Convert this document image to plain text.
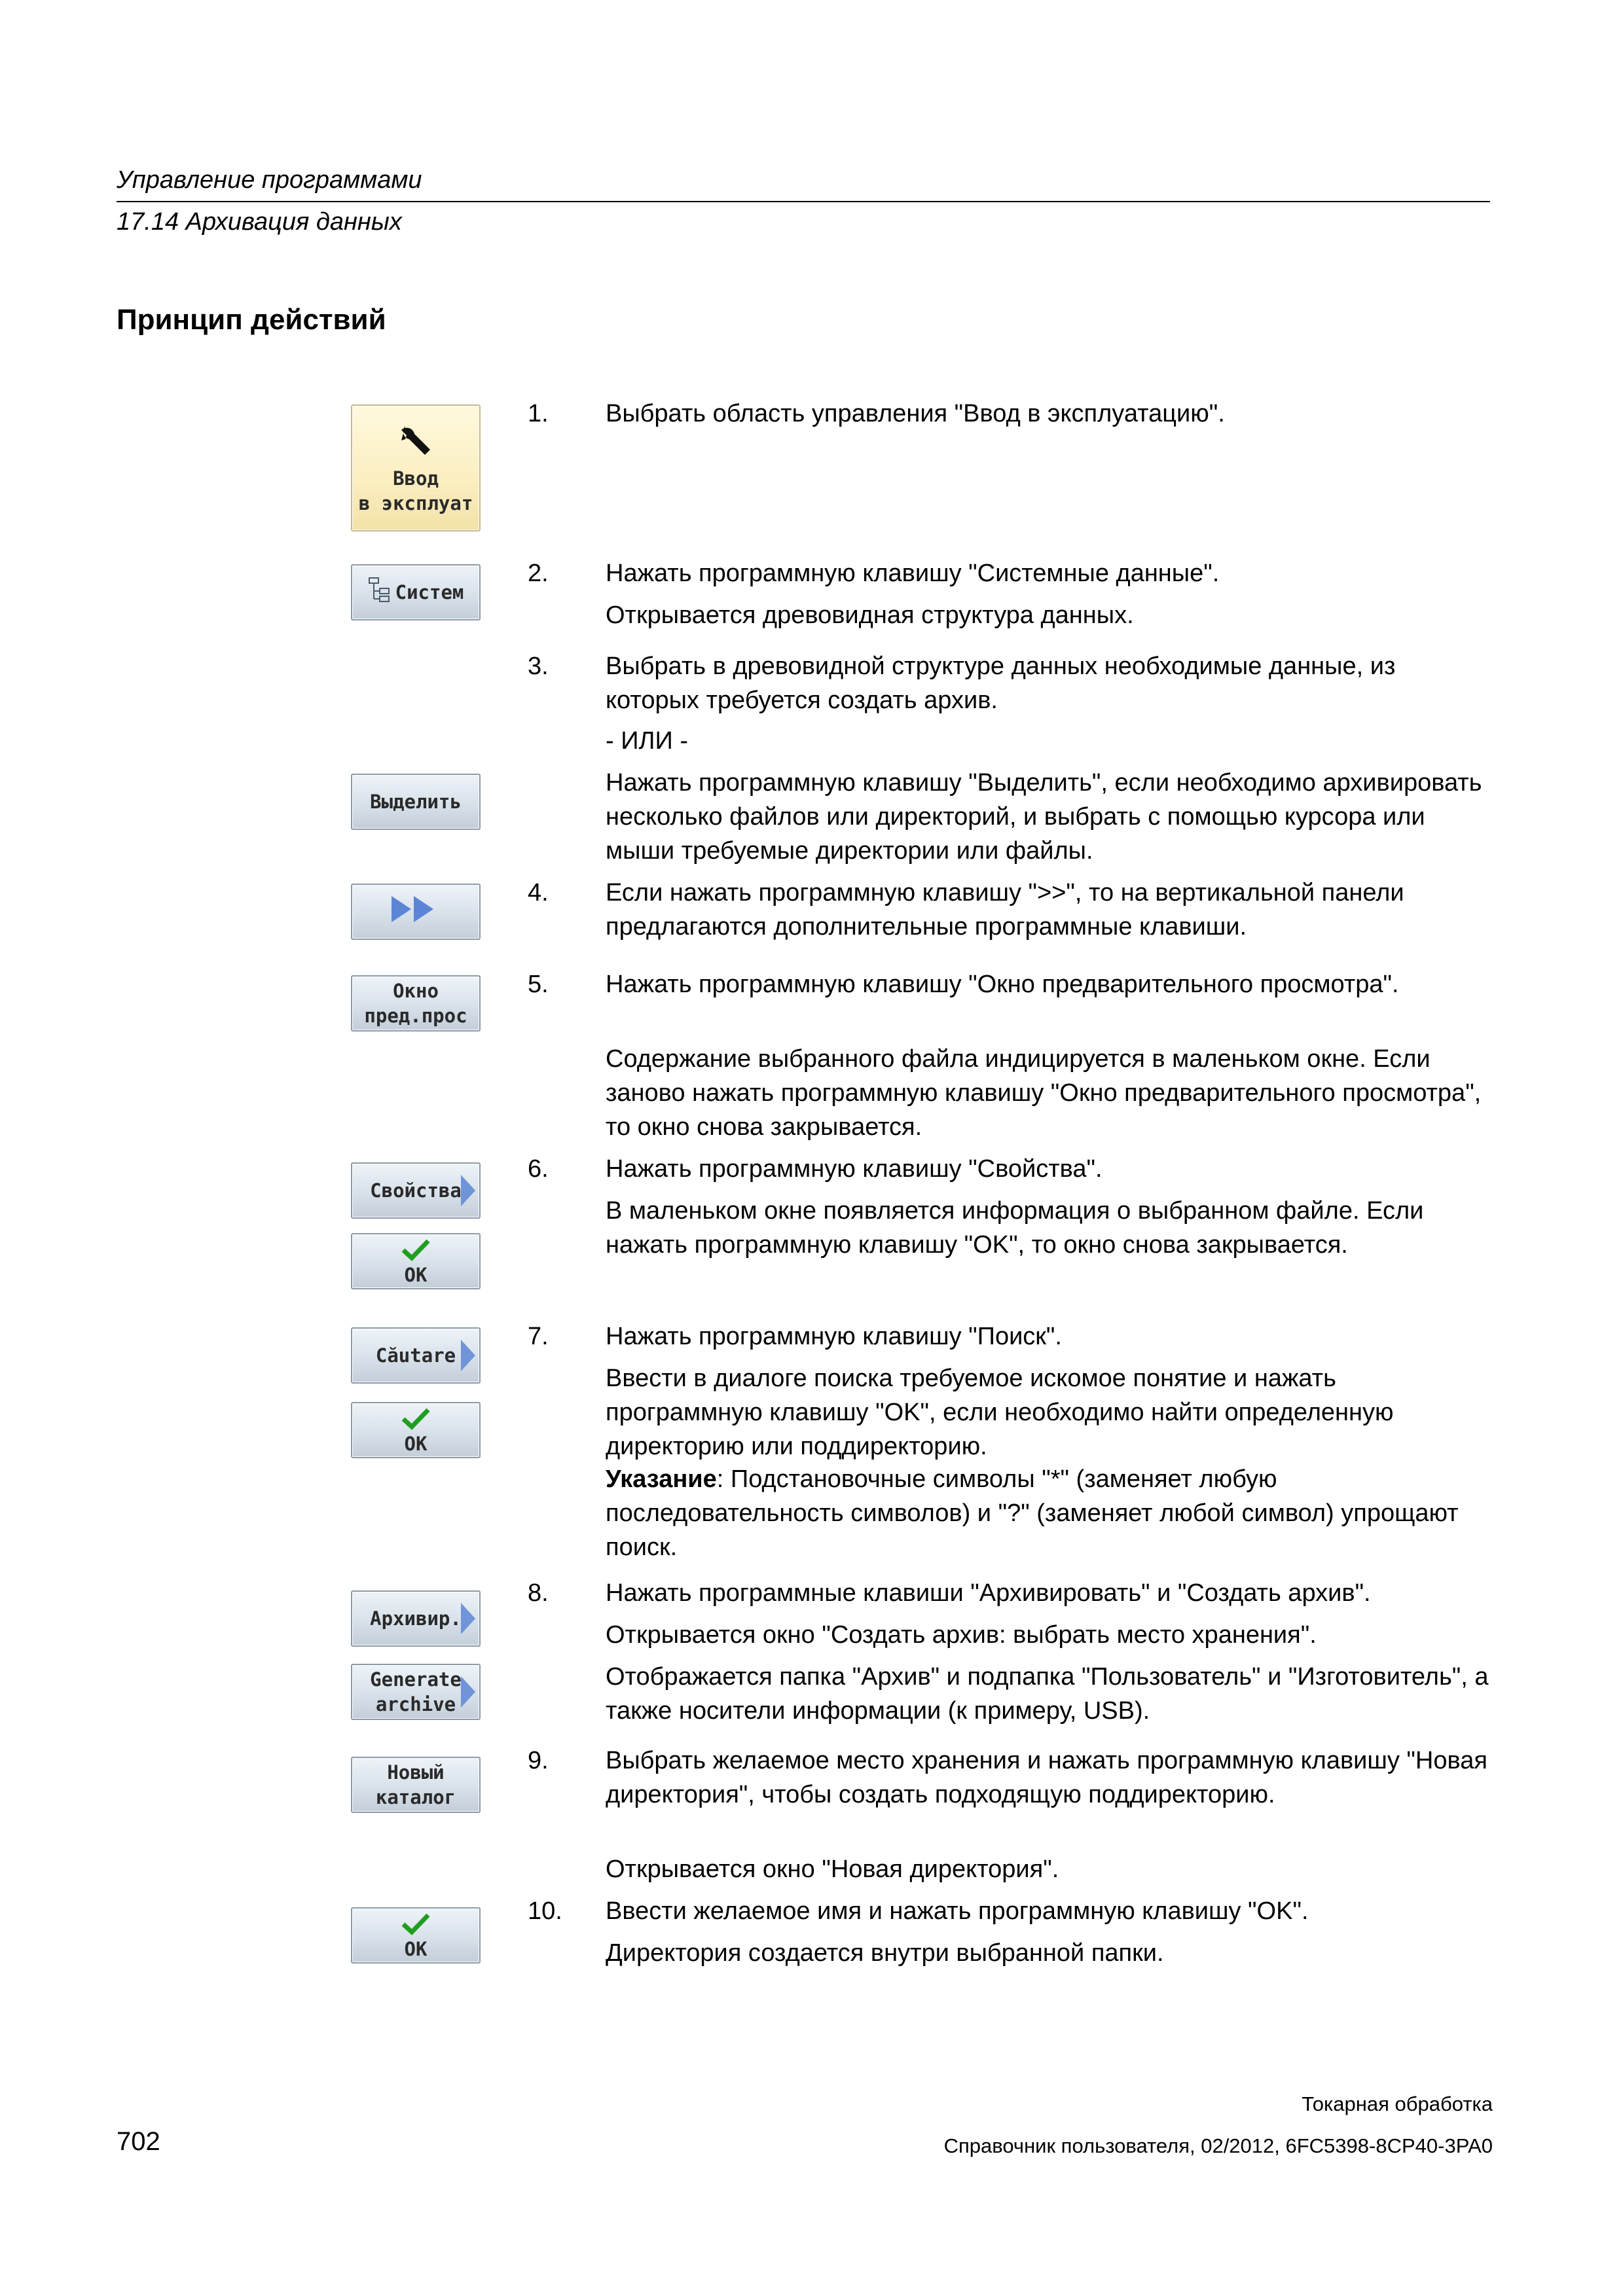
Управление программами
17.14 Архивация данных
Принцип действий
Ввод
в эксплуат
Систем
Выделить
Окно
пред.прос
Свойства
OK
Căutare
OK
Архивир.
Generate
archive
Новый
каталог
OK
1.	Выбрать область управления "Ввод в эксплуатацию".
2.	Нажать программную клавишу "Системные данные".
Открывается древовидная структура данных.
3.	Выбрать в древовидной структуре данных необходимые данные, из которых требуется создать архив.
- ИЛИ -
Нажать программную клавишу "Выделить", если необходимо архивировать несколько файлов или директорий, и выбрать с помощью курсора или мыши требуемые директории или файлы.
4.	Если нажать программную клавишу ">>", то на вертикальной панели предлагаются дополнительные программные клавиши.
5.	Нажать программную клавишу "Окно предварительного просмотра".
Содержание выбранного файла индицируется в маленьком окне. Если заново нажать программную клавишу "Окно предварительного просмотра", то окно снова закрывается.
6.	Нажать программную клавишу "Свойства".
В маленьком окне появляется информация о выбранном файле. Если нажать программную клавишу "OK", то окно снова закрывается.
7.	Нажать программную клавишу "Поиск".
Ввести в диалоге поиска требуемое искомое понятие и нажать программную клавишу "OK", если необходимо найти определенную директорию или поддиректорию.
Указание: Подстановочные символы "*" (заменяет любую последовательность символов) и "?" (заменяет любой символ) упрощают поиск.
8.	Нажать программные клавиши "Архивировать" и "Создать архив".
Открывается окно "Создать архив: выбрать место хранения".
Отображается папка "Архив" и подпапка "Пользователь" и "Изготовитель", а также носители информации (к примеру, USB).
9.	Выбрать желаемое место хранения и нажать программную клавишу "Новая директория", чтобы создать подходящую поддиректорию.
Открывается окно "Новая директория".
10.	Ввести желаемое имя и нажать программную клавишу "OK".
Директория создается внутри выбранной папки.
Токарная обработка
Справочник пользователя, 02/2012, 6FC5398-8CP40-3PA0
702
